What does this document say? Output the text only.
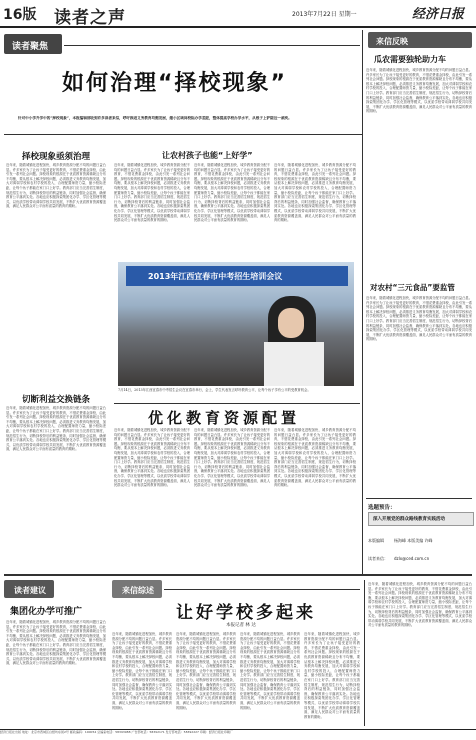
16版 读者之声	2013年7月22日 星期一	经济日报
读者聚焦
如何治理“择校现象”
针对中小学升学中的“择校现象”，本报编辑部收到许多读者来信，呼吁推进义务教育均衡发展，缩小区域间校际办学差距，整体提高学校办学水平，从根子上铲除这一顽疾。
择校现象亟须治理
近年来，随着城镇化进程加快，城乡教育资源分配不均的问题日益凸显。许多家长为了让孩子接受更好的教育，不惜花费重金择校，由此引发一系列社会问题。择校现象的根源在于优质教育资源稀缺且分布不均衡，要从根本上解决择校问题，必须推进义务教育均衡发展，加大对薄弱学校和农村学校的投入，合理配置师资力量，缩小校际差距，让每个孩子都能在家门口上好学。教育部门应当完善招生制度，规范招生行为，切断择校背后的利益链条，同时加强社会监督，确保教育公平落到实处。各地也应积极探索集团化办学、学区化管理等模式，以优质学校带动薄弱学校共同发展，不断扩大优质教育资源覆盖面，满足人民群众对公平而有质量的教育的期盼。
切断利益交换链条
近年来，随着城镇化进程加快，城乡教育资源分配不均的问题日益凸显。许多家长为了让孩子接受更好的教育，不惜花费重金择校，由此引发一系列社会问题。择校现象的根源在于优质教育资源稀缺且分布不均衡，要从根本上解决择校问题，必须推进义务教育均衡发展，加大对薄弱学校和农村学校的投入，合理配置师资力量，缩小校际差距，让每个孩子都能在家门口上好学。教育部门应当完善招生制度，规范招生行为，切断择校背后的利益链条，同时加强社会监督，确保教育公平落到实处。各地也应积极探索集团化办学、学区化管理等模式，以优质学校带动薄弱学校共同发展，不断扩大优质教育资源覆盖面，满足人民群众对公平而有质量的教育的期盼。
让农村孩子也能“上好学”
近年来，随着城镇化进程加快，城乡教育资源分配不均的问题日益凸显。许多家长为了让孩子接受更好的教育，不惜花费重金择校，由此引发一系列社会问题。择校现象的根源在于优质教育资源稀缺且分布不均衡，要从根本上解决择校问题，必须推进义务教育均衡发展，加大对薄弱学校和农村学校的投入，合理配置师资力量，缩小校际差距，让每个孩子都能在家门口上好学。教育部门应当完善招生制度，规范招生行为，切断择校背后的利益链条，同时加强社会监督，确保教育公平落到实处。各地也应积极探索集团化办学、学区化管理等模式，以优质学校带动薄弱学校共同发展，不断扩大优质教育资源覆盖面，满足人民群众对公平而有质量的教育的期盼。
近年来，随着城镇化进程加快，城乡教育资源分配不均的问题日益凸显。许多家长为了让孩子接受更好的教育，不惜花费重金择校，由此引发一系列社会问题。择校现象的根源在于优质教育资源稀缺且分布不均衡，要从根本上解决择校问题，必须推进义务教育均衡发展，加大对薄弱学校和农村学校的投入，合理配置师资力量，缩小校际差距，让每个孩子都能在家门口上好学。教育部门应当完善招生制度，规范招生行为，切断择校背后的利益链条，同时加强社会监督，确保教育公平落到实处。各地也应积极探索集团化办学、学区化管理等模式，以优质学校带动薄弱学校共同发展，不断扩大优质教育资源覆盖面，满足人民群众对公平而有质量的教育的期盼。
近年来，随着城镇化进程加快，城乡教育资源分配不均的问题日益凸显。许多家长为了让孩子接受更好的教育，不惜花费重金择校，由此引发一系列社会问题。择校现象的根源在于优质教育资源稀缺且分布不均衡，要从根本上解决择校问题，必须推进义务教育均衡发展，加大对薄弱学校和农村学校的投入，合理配置师资力量，缩小校际差距，让每个孩子都能在家门口上好学。教育部门应当完善招生制度，规范招生行为，切断择校背后的利益链条，同时加强社会监督，确保教育公平落到实处。各地也应积极探索集团化办学、学区化管理等模式，以优质学校带动薄弱学校共同发展，不断扩大优质教育资源覆盖面，满足人民群众对公平而有质量的教育的期盼。
2013年江西宜春市中考招生培训会议
7月14日，2013年江西宜春市中考招生会议在宜春市举行，会上，学生代表发言呼吁教育公平，让每个孩子享有公平的受教育机会。
优化教育资源配置
近年来，随着城镇化进程加快，城乡教育资源分配不均的问题日益凸显。许多家长为了让孩子接受更好的教育，不惜花费重金择校，由此引发一系列社会问题。择校现象的根源在于优质教育资源稀缺且分布不均衡，要从根本上解决择校问题，必须推进义务教育均衡发展，加大对薄弱学校和农村学校的投入，合理配置师资力量，缩小校际差距，让每个孩子都能在家门口上好学。教育部门应当完善招生制度，规范招生行为，切断择校背后的利益链条，同时加强社会监督，确保教育公平落到实处。各地也应积极探索集团化办学、学区化管理等模式，以优质学校带动薄弱学校共同发展，不断扩大优质教育资源覆盖面，满足人民群众对公平而有质量的教育的期盼。
近年来，随着城镇化进程加快，城乡教育资源分配不均的问题日益凸显。许多家长为了让孩子接受更好的教育，不惜花费重金择校，由此引发一系列社会问题。择校现象的根源在于优质教育资源稀缺且分布不均衡，要从根本上解决择校问题，必须推进义务教育均衡发展，加大对薄弱学校和农村学校的投入，合理配置师资力量，缩小校际差距，让每个孩子都能在家门口上好学。教育部门应当完善招生制度，规范招生行为，切断择校背后的利益链条，同时加强社会监督，确保教育公平落到实处。各地也应积极探索集团化办学、学区化管理等模式，以优质学校带动薄弱学校共同发展，不断扩大优质教育资源覆盖面，满足人民群众对公平而有质量的教育的期盼。
近年来，随着城镇化进程加快，城乡教育资源分配不均的问题日益凸显。许多家长为了让孩子接受更好的教育，不惜花费重金择校，由此引发一系列社会问题。择校现象的根源在于优质教育资源稀缺且分布不均衡，要从根本上解决择校问题，必须推进义务教育均衡发展，加大对薄弱学校和农村学校的投入，合理配置师资力量，缩小校际差距，让每个孩子都能在家门口上好学。教育部门应当完善招生制度，规范招生行为，切断择校背后的利益链条，同时加强社会监督，确保教育公平落到实处。各地也应积极探索集团化办学、学区化管理等模式，以优质学校带动薄弱学校共同发展，不断扩大优质教育资源覆盖面，满足人民群众对公平而有质量的教育的期盼。
来信反映
瓜农需要独轮助力车
近年来，随着城镇化进程加快，城乡教育资源分配不均的问题日益凸显。许多家长为了让孩子接受更好的教育，不惜花费重金择校，由此引发一系列社会问题。择校现象的根源在于优质教育资源稀缺且分布不均衡，要从根本上解决择校问题，必须推进义务教育均衡发展，加大对薄弱学校和农村学校的投入，合理配置师资力量，缩小校际差距，让每个孩子都能在家门口上好学。教育部门应当完善招生制度，规范招生行为，切断择校背后的利益链条，同时加强社会监督，确保教育公平落到实处。各地也应积极探索集团化办学、学区化管理等模式，以优质学校带动薄弱学校共同发展，不断扩大优质教育资源覆盖面，满足人民群众对公平而有质量的教育的期盼。
对农村“三元食品”要监管
近年来，随着城镇化进程加快，城乡教育资源分配不均的问题日益凸显。许多家长为了让孩子接受更好的教育，不惜花费重金择校，由此引发一系列社会问题。择校现象的根源在于优质教育资源稀缺且分布不均衡，要从根本上解决择校问题，必须推进义务教育均衡发展，加大对薄弱学校和农村学校的投入，合理配置师资力量，缩小校际差距，让每个孩子都能在家门口上好学。教育部门应当完善招生制度，规范招生行为，切断择校背后的利益链条，同时加强社会监督，确保教育公平落到实处。各地也应积极探索集团化办学、学区化管理等模式，以优质学校带动薄弱学校共同发展，不断扩大优质教育资源覆盖面，满足人民群众对公平而有质量的教育的期盼。
选题预告：
深入开展党的群众路线教育实践活动
本版编辑	杨海峰 本版美编 许峰
读者来信： dzlx@ced.com.cn
读者建议
集团化办学可推广
近年来，随着城镇化进程加快，城乡教育资源分配不均的问题日益凸显。许多家长为了让孩子接受更好的教育，不惜花费重金择校，由此引发一系列社会问题。择校现象的根源在于优质教育资源稀缺且分布不均衡，要从根本上解决择校问题，必须推进义务教育均衡发展，加大对薄弱学校和农村学校的投入，合理配置师资力量，缩小校际差距，让每个孩子都能在家门口上好学。教育部门应当完善招生制度，规范招生行为，切断择校背后的利益链条，同时加强社会监督，确保教育公平落到实处。各地也应积极探索集团化办学、学区化管理等模式，以优质学校带动薄弱学校共同发展，不断扩大优质教育资源覆盖面，满足人民群众对公平而有质量的教育的期盼。
来信综述
让好学校多起来
本报记者 林 达
近年来，随着城镇化进程加快，城乡教育资源分配不均的问题日益凸显。许多家长为了让孩子接受更好的教育，不惜花费重金择校，由此引发一系列社会问题。择校现象的根源在于优质教育资源稀缺且分布不均衡，要从根本上解决择校问题，必须推进义务教育均衡发展，加大对薄弱学校和农村学校的投入，合理配置师资力量，缩小校际差距，让每个孩子都能在家门口上好学。教育部门应当完善招生制度，规范招生行为，切断择校背后的利益链条，同时加强社会监督，确保教育公平落到实处。各地也应积极探索集团化办学、学区化管理等模式，以优质学校带动薄弱学校共同发展，不断扩大优质教育资源覆盖面，满足人民群众对公平而有质量的教育的期盼。
近年来，随着城镇化进程加快，城乡教育资源分配不均的问题日益凸显。许多家长为了让孩子接受更好的教育，不惜花费重金择校，由此引发一系列社会问题。择校现象的根源在于优质教育资源稀缺且分布不均衡，要从根本上解决择校问题，必须推进义务教育均衡发展，加大对薄弱学校和农村学校的投入，合理配置师资力量，缩小校际差距，让每个孩子都能在家门口上好学。教育部门应当完善招生制度，规范招生行为，切断择校背后的利益链条，同时加强社会监督，确保教育公平落到实处。各地也应积极探索集团化办学、学区化管理等模式，以优质学校带动薄弱学校共同发展，不断扩大优质教育资源覆盖面，满足人民群众对公平而有质量的教育的期盼。
近年来，随着城镇化进程加快，城乡教育资源分配不均的问题日益凸显。许多家长为了让孩子接受更好的教育，不惜花费重金择校，由此引发一系列社会问题。择校现象的根源在于优质教育资源稀缺且分布不均衡，要从根本上解决择校问题，必须推进义务教育均衡发展，加大对薄弱学校和农村学校的投入，合理配置师资力量，缩小校际差距，让每个孩子都能在家门口上好学。教育部门应当完善招生制度，规范招生行为，切断择校背后的利益链条，同时加强社会监督，确保教育公平落到实处。各地也应积极探索集团化办学、学区化管理等模式，以优质学校带动薄弱学校共同发展，不断扩大优质教育资源覆盖面，满足人民群众对公平而有质量的教育的期盼。
近年来，随着城镇化进程加快，城乡教育资源分配不均的问题日益凸显。许多家长为了让孩子接受更好的教育，不惜花费重金择校，由此引发一系列社会问题。择校现象的根源在于优质教育资源稀缺且分布不均衡，要从根本上解决择校问题，必须推进义务教育均衡发展，加大对薄弱学校和农村学校的投入，合理配置师资力量，缩小校际差距，让每个孩子都能在家门口上好学。教育部门应当完善招生制度，规范招生行为，切断择校背后的利益链条，同时加强社会监督，确保教育公平落到实处。各地也应积极探索集团化办学、学区化管理等模式，以优质学校带动薄弱学校共同发展，不断扩大优质教育资源覆盖面，满足人民群众对公平而有质量的教育的期盼。
近年来，随着城镇化进程加快，城乡教育资源分配不均的问题日益凸显。许多家长为了让孩子接受更好的教育，不惜花费重金择校，由此引发一系列社会问题。择校现象的根源在于优质教育资源稀缺且分布不均衡，要从根本上解决择校问题，必须推进义务教育均衡发展，加大对薄弱学校和农村学校的投入，合理配置师资力量，缩小校际差距，让每个孩子都能在家门口上好学。教育部门应当完善招生制度，规范招生行为，切断择校背后的利益链条，同时加强社会监督，确保教育公平落到实处。各地也应积极探索集团化办学、学区化管理等模式，以优质学校带动薄弱学校共同发展，不断扩大优质教育资源覆盖面，满足人民群众对公平而有质量的教育的期盼。
经济日报社出版 地址：北京市西城区白纸坊东街2号 邮政编码：100054 总编室电话：58393988 广告部电话：58392171 发行部电话：58392227 印刷：经济日报社印刷厂
